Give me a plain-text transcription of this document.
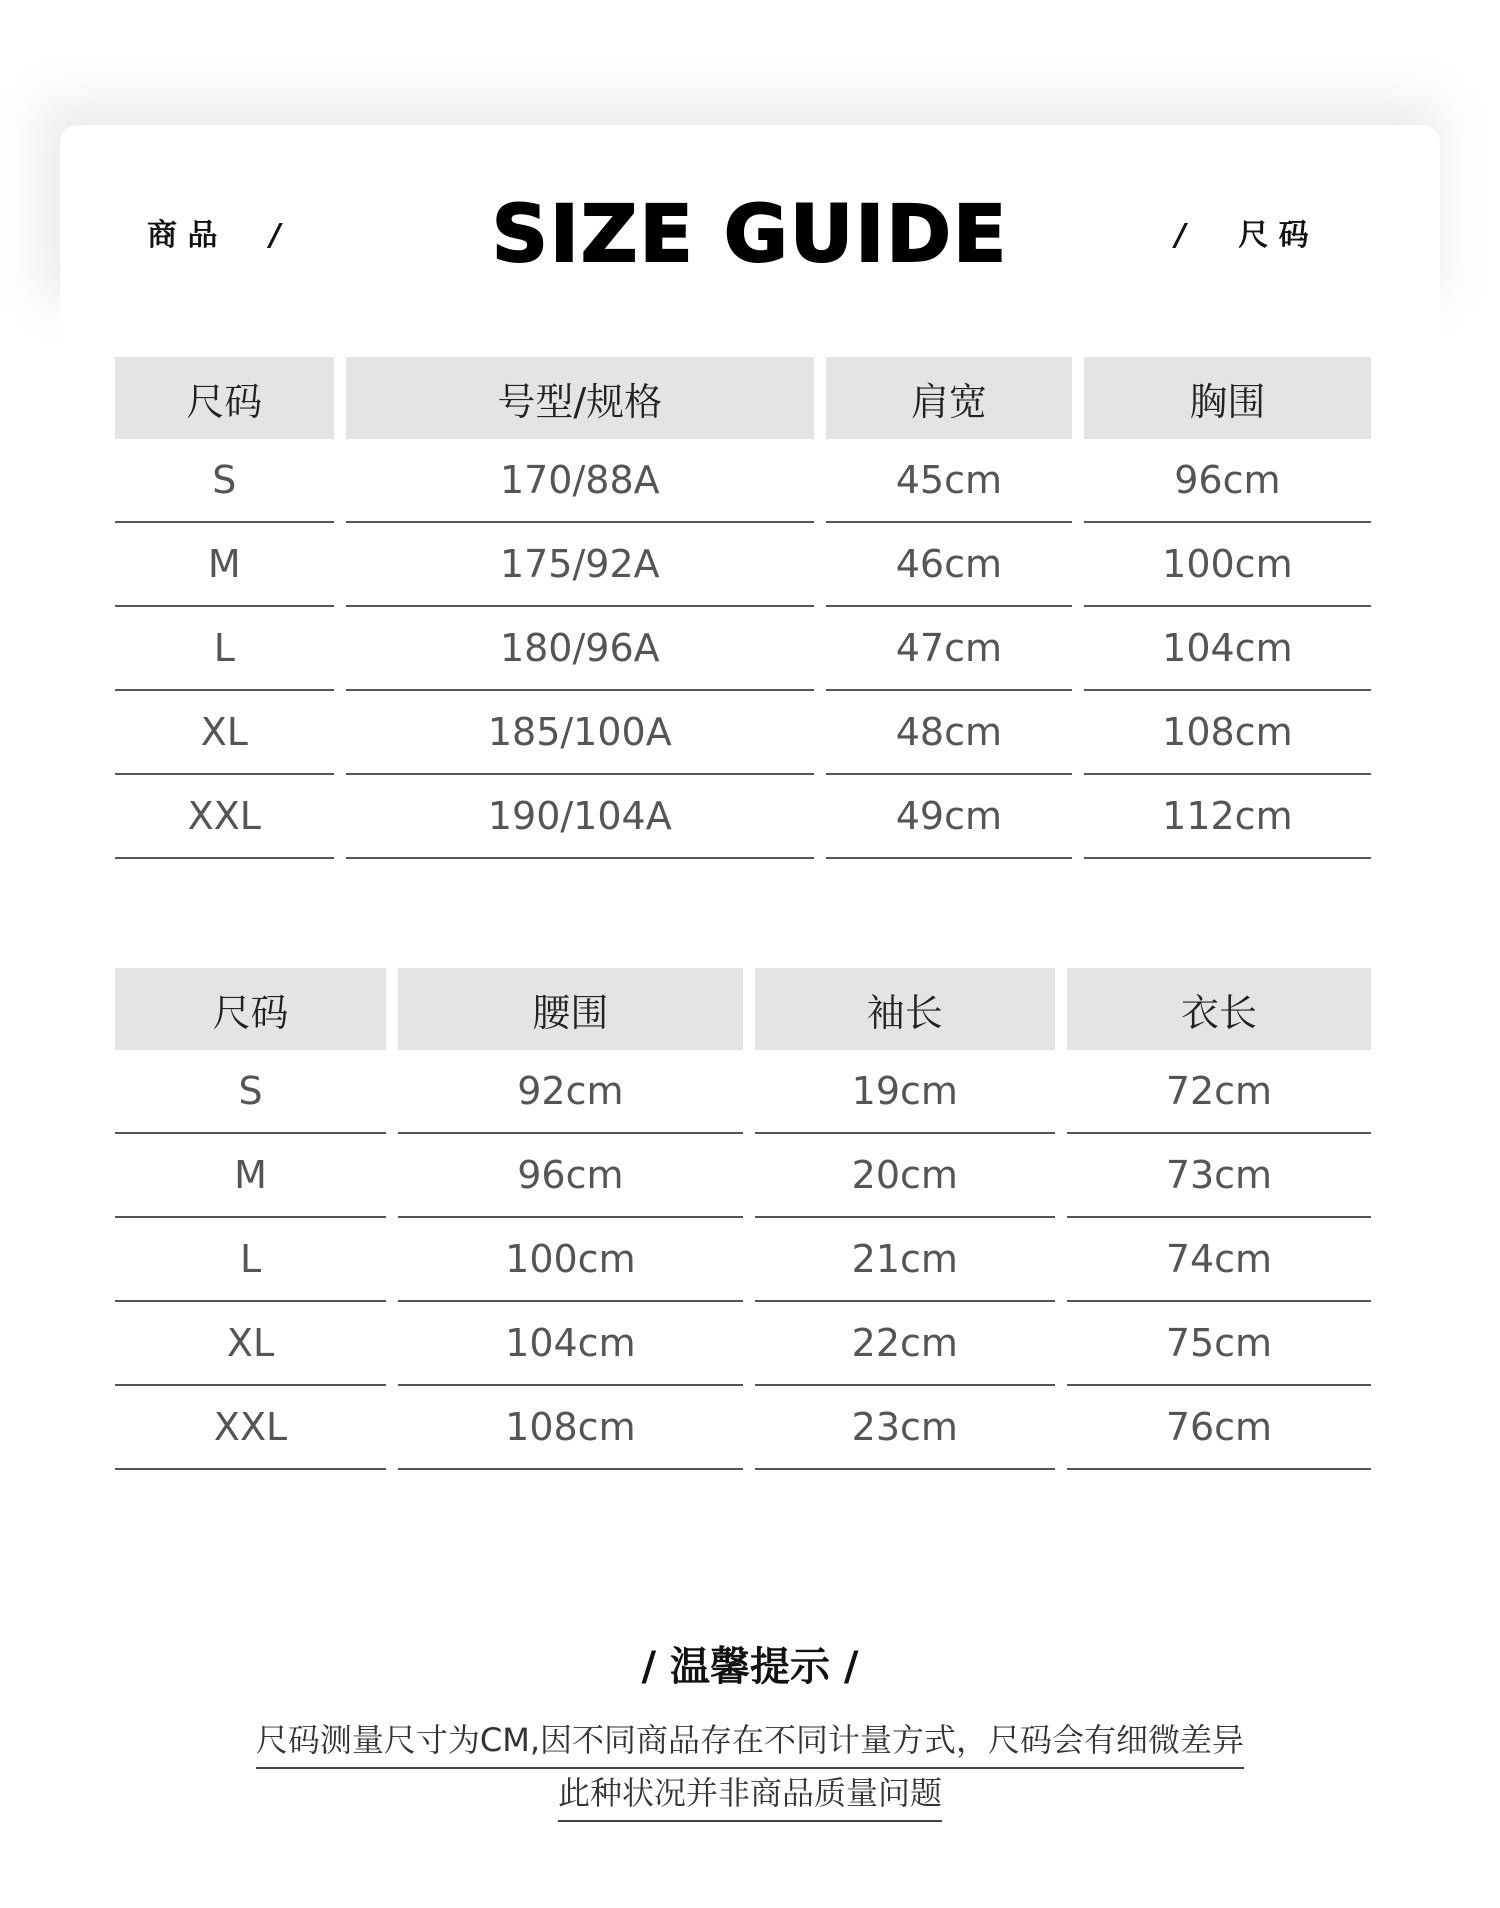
商 品 /	SIZE GUIDE	/ 尺 码
尺码	号型/规格	肩宽	胸围
S	170/88A	45cm	96cm
M	175/92A	46cm	100cm
L	180/96A	47cm	104cm
XL	185/100A	48cm	108cm
XXL	190/104A	49cm	112cm
尺码	腰围	袖长	衣长
S	92cm	19cm	72cm
M	96cm	20cm	73cm
L	100cm	21cm	74cm
XL	104cm	22cm	75cm
XXL	108cm	23cm	76cm
/ 温馨提示 /
尺码测量尺寸为CM,因不同商品存在不同计量方式，尺码会有细微差异
此种状况并非商品质量问题
